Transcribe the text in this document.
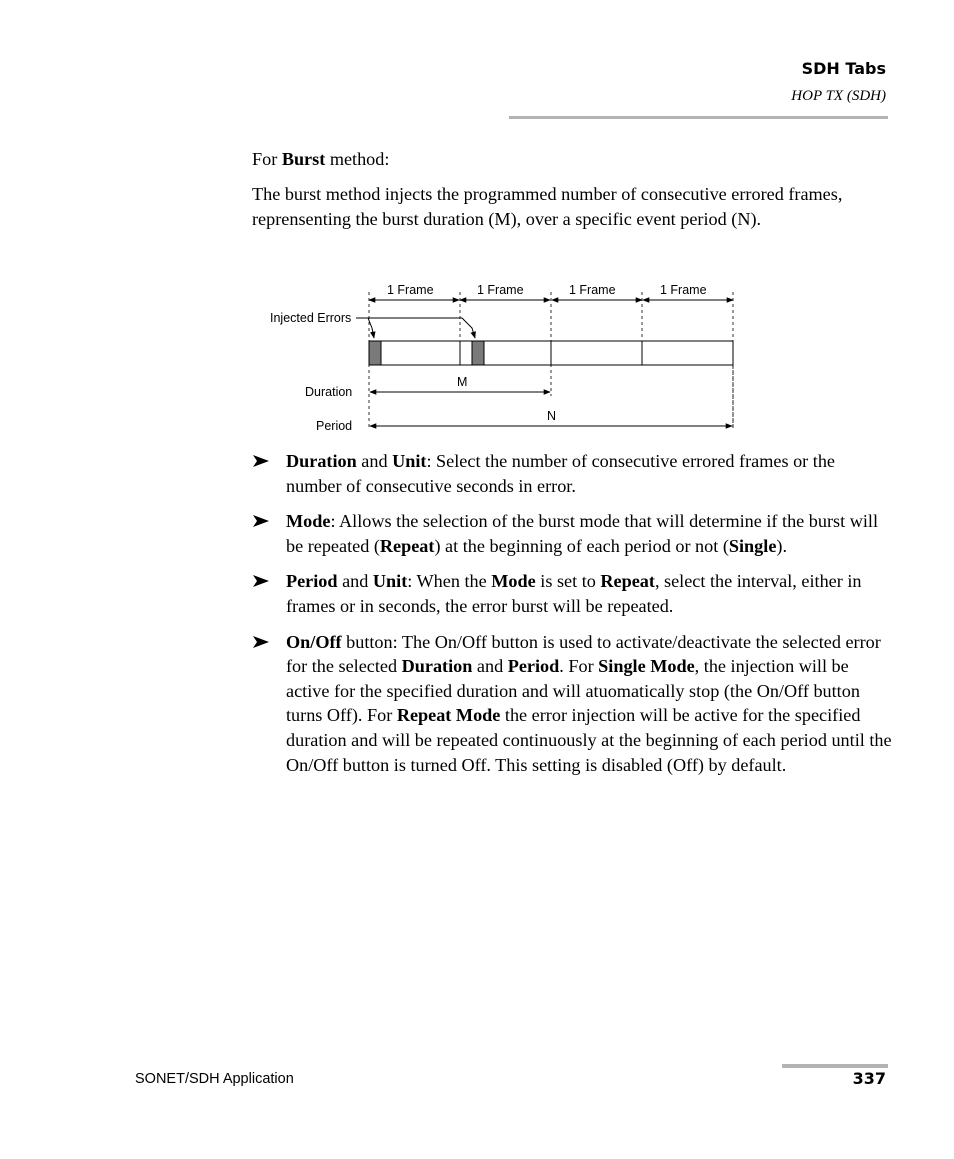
SDH Tabs
HOP TX (SDH)
For Burst method:

The burst method injects the programmed number of consecutive errored frames, reprensenting the burst duration (M), over a specific event period (N).

1 Frame	1 Frame	1 Frame	1 Frame
Injected Errors
Duration
M
Period
N
Duration and Unit: Select the number of consecutive errored frames or the number of consecutive seconds in error.
Mode: Allows the selection of the burst mode that will determine if the burst will be repeated (Repeat) at the beginning of each period or not (Single).
Period and Unit: When the Mode is set to Repeat, select the interval, either in frames or in seconds, the error burst will be repeated.
On/Off button: The On/Off button is used to activate/deactivate the selected error for the selected Duration and Period. For Single Mode, the injection will be active for the specified duration and will atuomatically stop (the On/Off button turns Off). For Repeat Mode the error injection will be active for the specified duration and will be repeated continuously at the beginning of each period until the On/Off button is turned Off. This setting is disabled (Off) by default.
SONET/SDH Application	337
